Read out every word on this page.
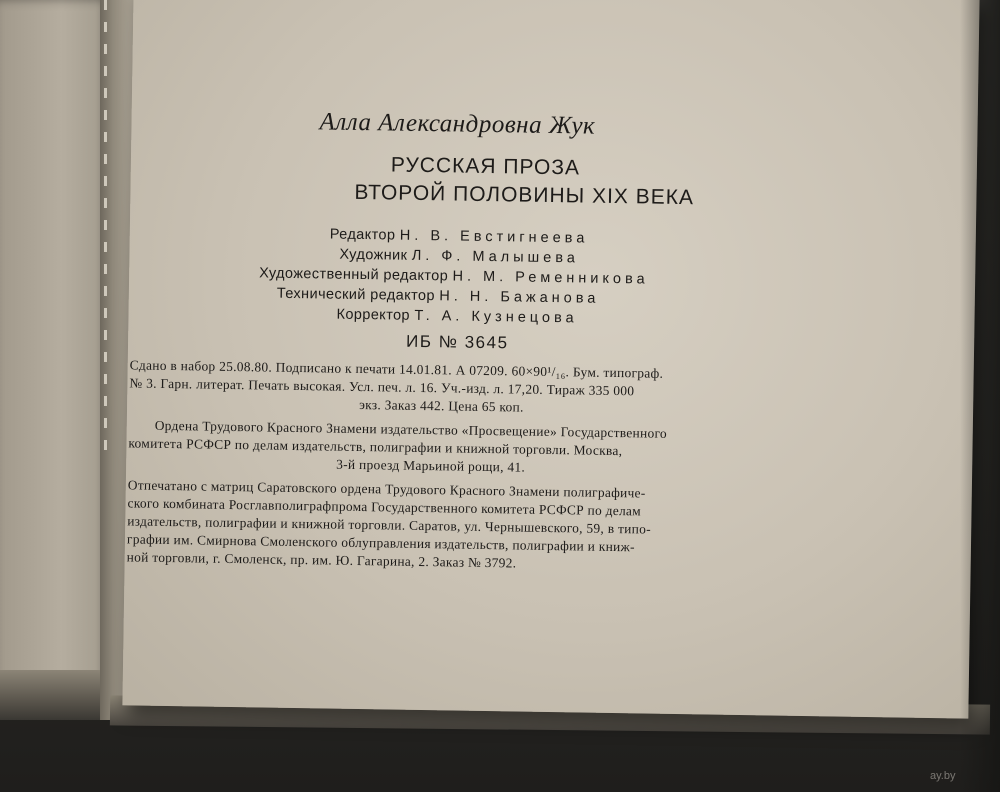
Алла Александровна Жук
РУССКАЯ ПРОЗА
ВТОРОЙ ПОЛОВИНЫ XIX ВЕКА
Редактор Н. В. Евстигнеева
Художник Л. Ф. Малышева
Художественный редактор Н. М. Ременникова
Технический редактор Н. Н. Бажанова
Корректор Т. А. Кузнецова
ИБ № 3645
Сдано в набор 25.08.80. Подписано к печати 14.01.81. А 07209. 60×90¹/₁₆. Бум. типограф.
№ 3. Гарн. литерат. Печать высокая. Усл. печ. л. 16. Уч.-изд. л. 17,20. Тираж 335 000
экз. Заказ 442. Цена 65 коп.
Ордена Трудового Красного Знамени издательство «Просвещение» Государственного
комитета РСФСР по делам издательств, полиграфии и книжной торговли. Москва,
3-й проезд Марьиной рощи, 41.
Отпечатано с матриц Саратовского ордена Трудового Красного Знамени полиграфиче-
ского комбината Росглавполиграфпрома Государственного комитета РСФСР по делам
издательств, полиграфии и книжной торговли. Саратов, ул. Чернышевского, 59, в типо-
графии им. Смирнова Смоленского облуправления издательств, полиграфии и книж-
ной торговли, г. Смоленск, пр. им. Ю. Гагарина, 2. Заказ № 3792.
ay.by
